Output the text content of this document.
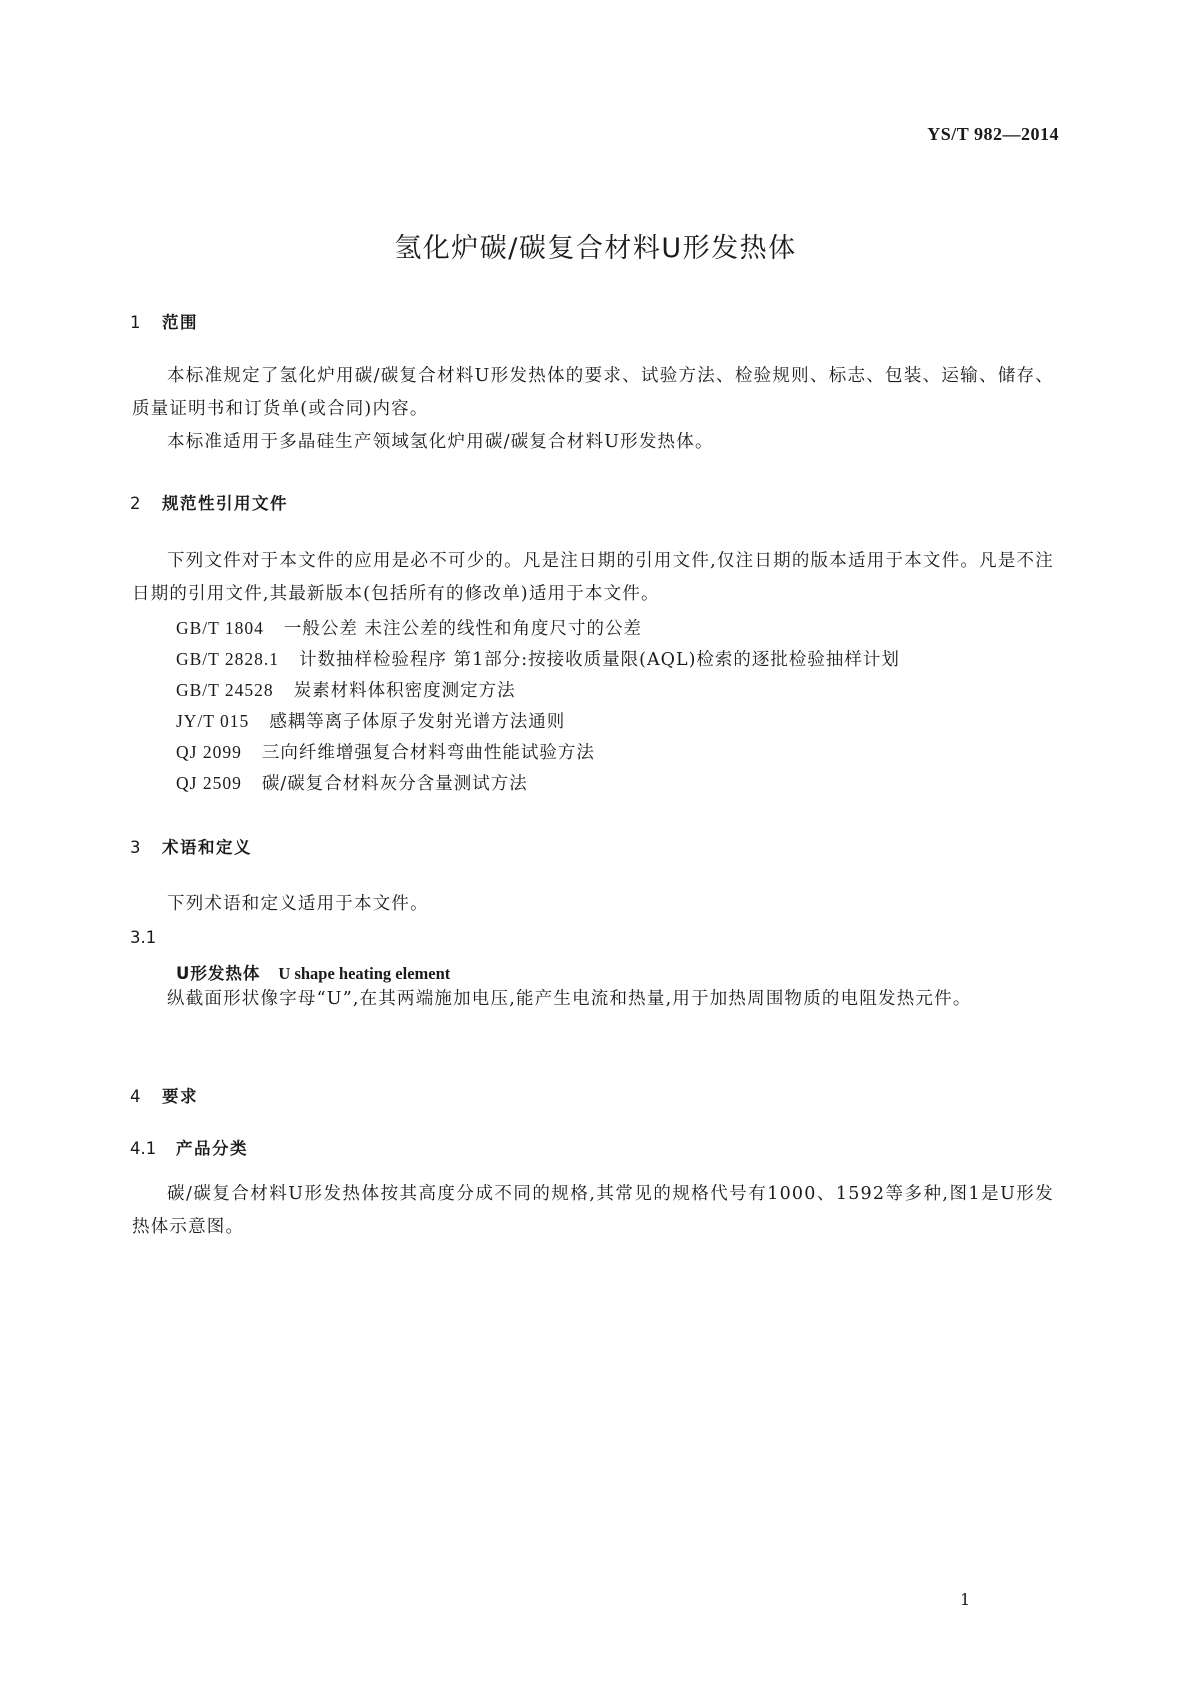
YS/T 982—2014
氢化炉碳/碳复合材料U形发热体
1 范围
本标准规定了氢化炉用碳/碳复合材料U形发热体的要求、试验方法、检验规则、标志、包装、运输、储存、质量证明书和订货单(或合同)内容。
本标准适用于多晶硅生产领域氢化炉用碳/碳复合材料U形发热体。
2 规范性引用文件
下列文件对于本文件的应用是必不可少的。凡是注日期的引用文件,仅注日期的版本适用于本文件。凡是不注日期的引用文件,其最新版本(包括所有的修改单)适用于本文件。
GB/T 1804 一般公差 未注公差的线性和角度尺寸的公差
GB/T 2828.1 计数抽样检验程序 第1部分:按接收质量限(AQL)检索的逐批检验抽样计划
GB/T 24528 炭素材料体积密度测定方法
JY/T 015 感耦等离子体原子发射光谱方法通则
QJ 2099 三向纤维增强复合材料弯曲性能试验方法
QJ 2509 碳/碳复合材料灰分含量测试方法
3 术语和定义
下列术语和定义适用于本文件。
3.1
U形发热体 U shape heating element
纵截面形状像字母“U”,在其两端施加电压,能产生电流和热量,用于加热周围物质的电阻发热元件。
4 要求
4.1 产品分类
碳/碳复合材料U形发热体按其高度分成不同的规格,其常见的规格代号有1000、1592等多种,图1是U形发热体示意图。
1
